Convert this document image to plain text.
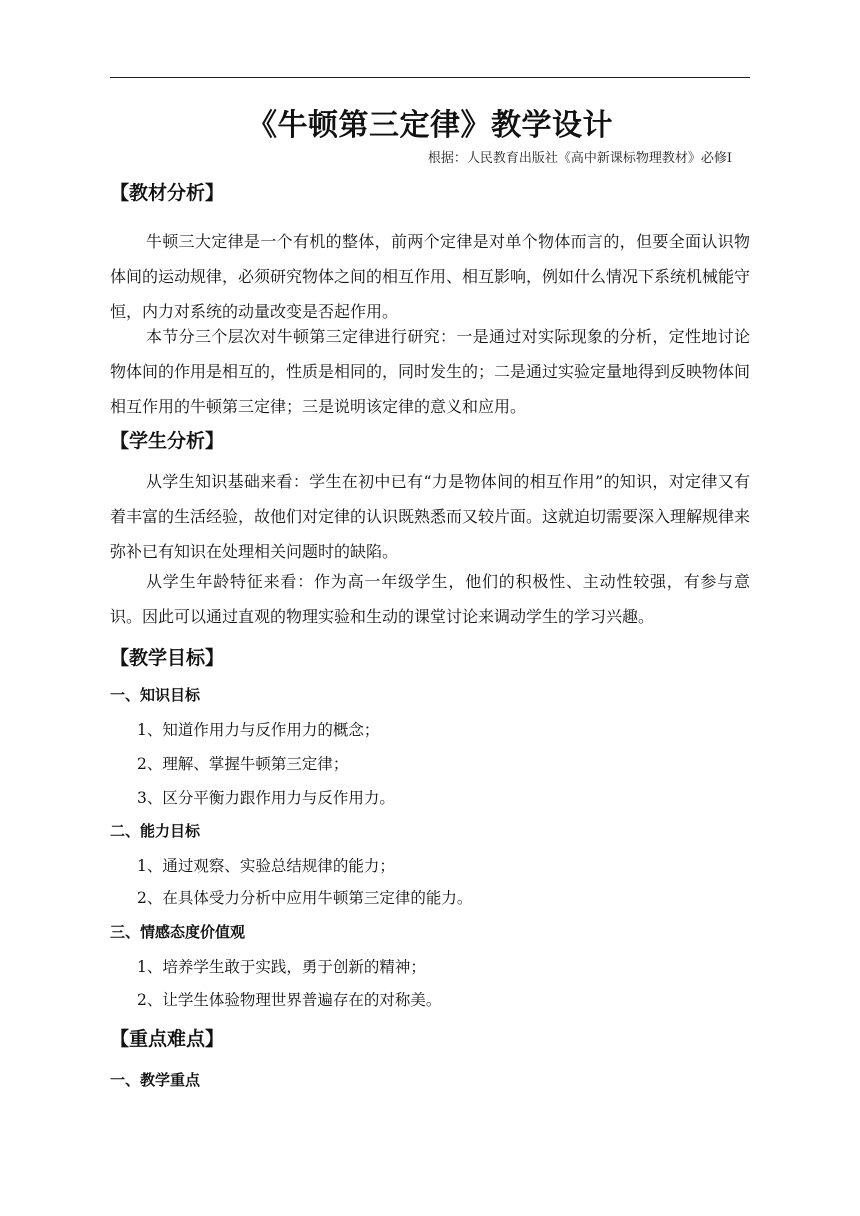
《牛顿第三定律》教学设计
根据：人民教育出版社《高中新课标物理教材》必修Ⅰ
【教材分析】
牛顿三大定律是一个有机的整体，前两个定律是对单个物体而言的，但要全面认识物体间的运动规律，必须研究物体之间的相互作用、相互影响，例如什么情况下系统机械能守恒，内力对系统的动量改变是否起作用。
本节分三个层次对牛顿第三定律进行研究：一是通过对实际现象的分析，定性地讨论物体间的作用是相互的，性质是相同的，同时发生的；二是通过实验定量地得到反映物体间相互作用的牛顿第三定律；三是说明该定律的意义和应用。
【学生分析】
从学生知识基础来看：学生在初中已有“力是物体间的相互作用”的知识，对定律又有着丰富的生活经验，故他们对定律的认识既熟悉而又较片面。这就迫切需要深入理解规律来弥补已有知识在处理相关问题时的缺陷。
从学生年龄特征来看：作为高一年级学生，他们的积极性、主动性较强，有参与意识。因此可以通过直观的物理实验和生动的课堂讨论来调动学生的学习兴趣。
【教学目标】
一、知识目标
1、知道作用力与反作用力的概念；
2、理解、掌握牛顿第三定律；
3、区分平衡力跟作用力与反作用力。
二、能力目标
1、通过观察、实验总结规律的能力；
2、在具体受力分析中应用牛顿第三定律的能力。
三、情感态度价值观
1、培养学生敢于实践，勇于创新的精神；
2、让学生体验物理世界普遍存在的对称美。
【重点难点】
一、教学重点
